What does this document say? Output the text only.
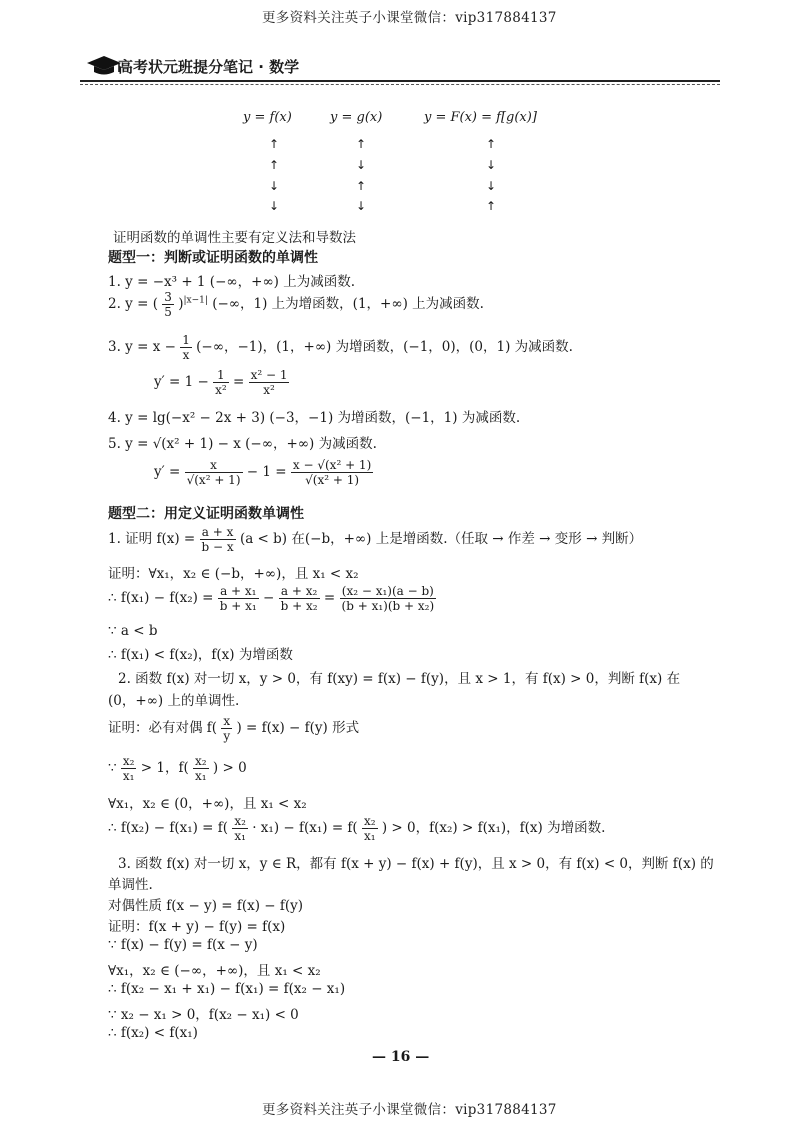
更多资料关注英子小课堂微信：vip317884137
高考状元班提分笔记 · 数学
y = f(x)	y = g(x)	y = F(x) = f[g(x)]
↑
↑
↓
↓
↑
↓
↑
↓
↑
↓
↓
↑
证明函数的单调性主要有定义法和导数法
题型一：判断或证明函数的单调性
1. y = −x³ + 1 (−∞，+∞) 上为减函数.
2. y = ( $\frac{3}{5} )^{|x-1|}$ (−∞，1) 上为增函数，(1，+∞) 上为减函数.
3. $y = x - \frac{1}{x}$ (−∞，−1)，(1，+∞) 为增函数，(−1，0)，(0，1) 为减函数.
$y' = 1 - \frac{1}{\text{x²}} = \frac{\text{x² − 1}}{\text{x²}}$
4. y = lg(−x² − 2x + 3) (−3，−1) 为增函数，(−1，1) 为减函数.
5. y = √(x² + 1) − x (−∞，+∞) 为减函数.
$y' = \frac{x}{\text{√(x² + 1)}} - 1 = \frac{\text{x − √(x² + 1)}}{\text{√(x² + 1)}}$
题型二：用定义证明函数单调性
1. 证明 $f(x) = \frac{a + x}{b - x} (a < b)$ 在(−b，+∞) 上是增函数.（任取 → 作差 → 变形 → 判断）
证明：∀x₁，x₂ ∈ (−b，+∞)，且 x₁ < x₂
∴ $f(x_1) - f(x_2) = \frac{\text{a + x₁}}{\text{b + x₁}} - \frac{\text{a + x₂}}{\text{b + x₂}} = \frac{\text{(x₂ − x₁)(a − b)}}{\text{(b + x₁)(b + x₂)}}$
∵ a < b
∴ f(x₁) < f(x₂)，f(x) 为增函数
2. 函数 f(x) 对一切 x，y > 0，有 f(xy) = f(x) − f(y)，且 x > 1，有 f(x) > 0，判断 f(x) 在
(0，+∞) 上的单调性.
证明：必有对偶 $f( \frac{x}{y}$ ) = f(x) − f(y) 形式
∵ $\frac{\text{x₂}}{\text{x₁}} > 1$，$f( \frac{\text{x₂}}{\text{x₁}}$ ) > 0
∀x₁，x₂ ∈ (0，+∞)，且 x₁ < x₂
∴ $f(x_2) - f(x_1) = f( \frac{\text{x₂}}{\text{x₁}} \cdot x_1) - f(x_1) = f( \frac{\text{x₂}}{\text{x₁}}$ ) > 0，f(x₂) > f(x₁)，f(x) 为增函数.
3. 函数 f(x) 对一切 x，y ∈ R，都有 f(x + y) − f(x) + f(y)，且 x > 0，有 f(x) < 0，判断 f(x) 的
单调性.
对偶性质 f(x − y) = f(x) − f(y)
证明：f(x + y) − f(y) = f(x)
∵ f(x) − f(y) = f(x − y)
∀x₁，x₂ ∈ (−∞，+∞)，且 x₁ < x₂
∴ f(x₂ − x₁ + x₁) − f(x₁) = f(x₂ − x₁)
∵ x₂ − x₁ > 0，f(x₂ − x₁) < 0
∴ f(x₂) < f(x₁)
— 16 —
更多资料关注英子小课堂微信：vip317884137
